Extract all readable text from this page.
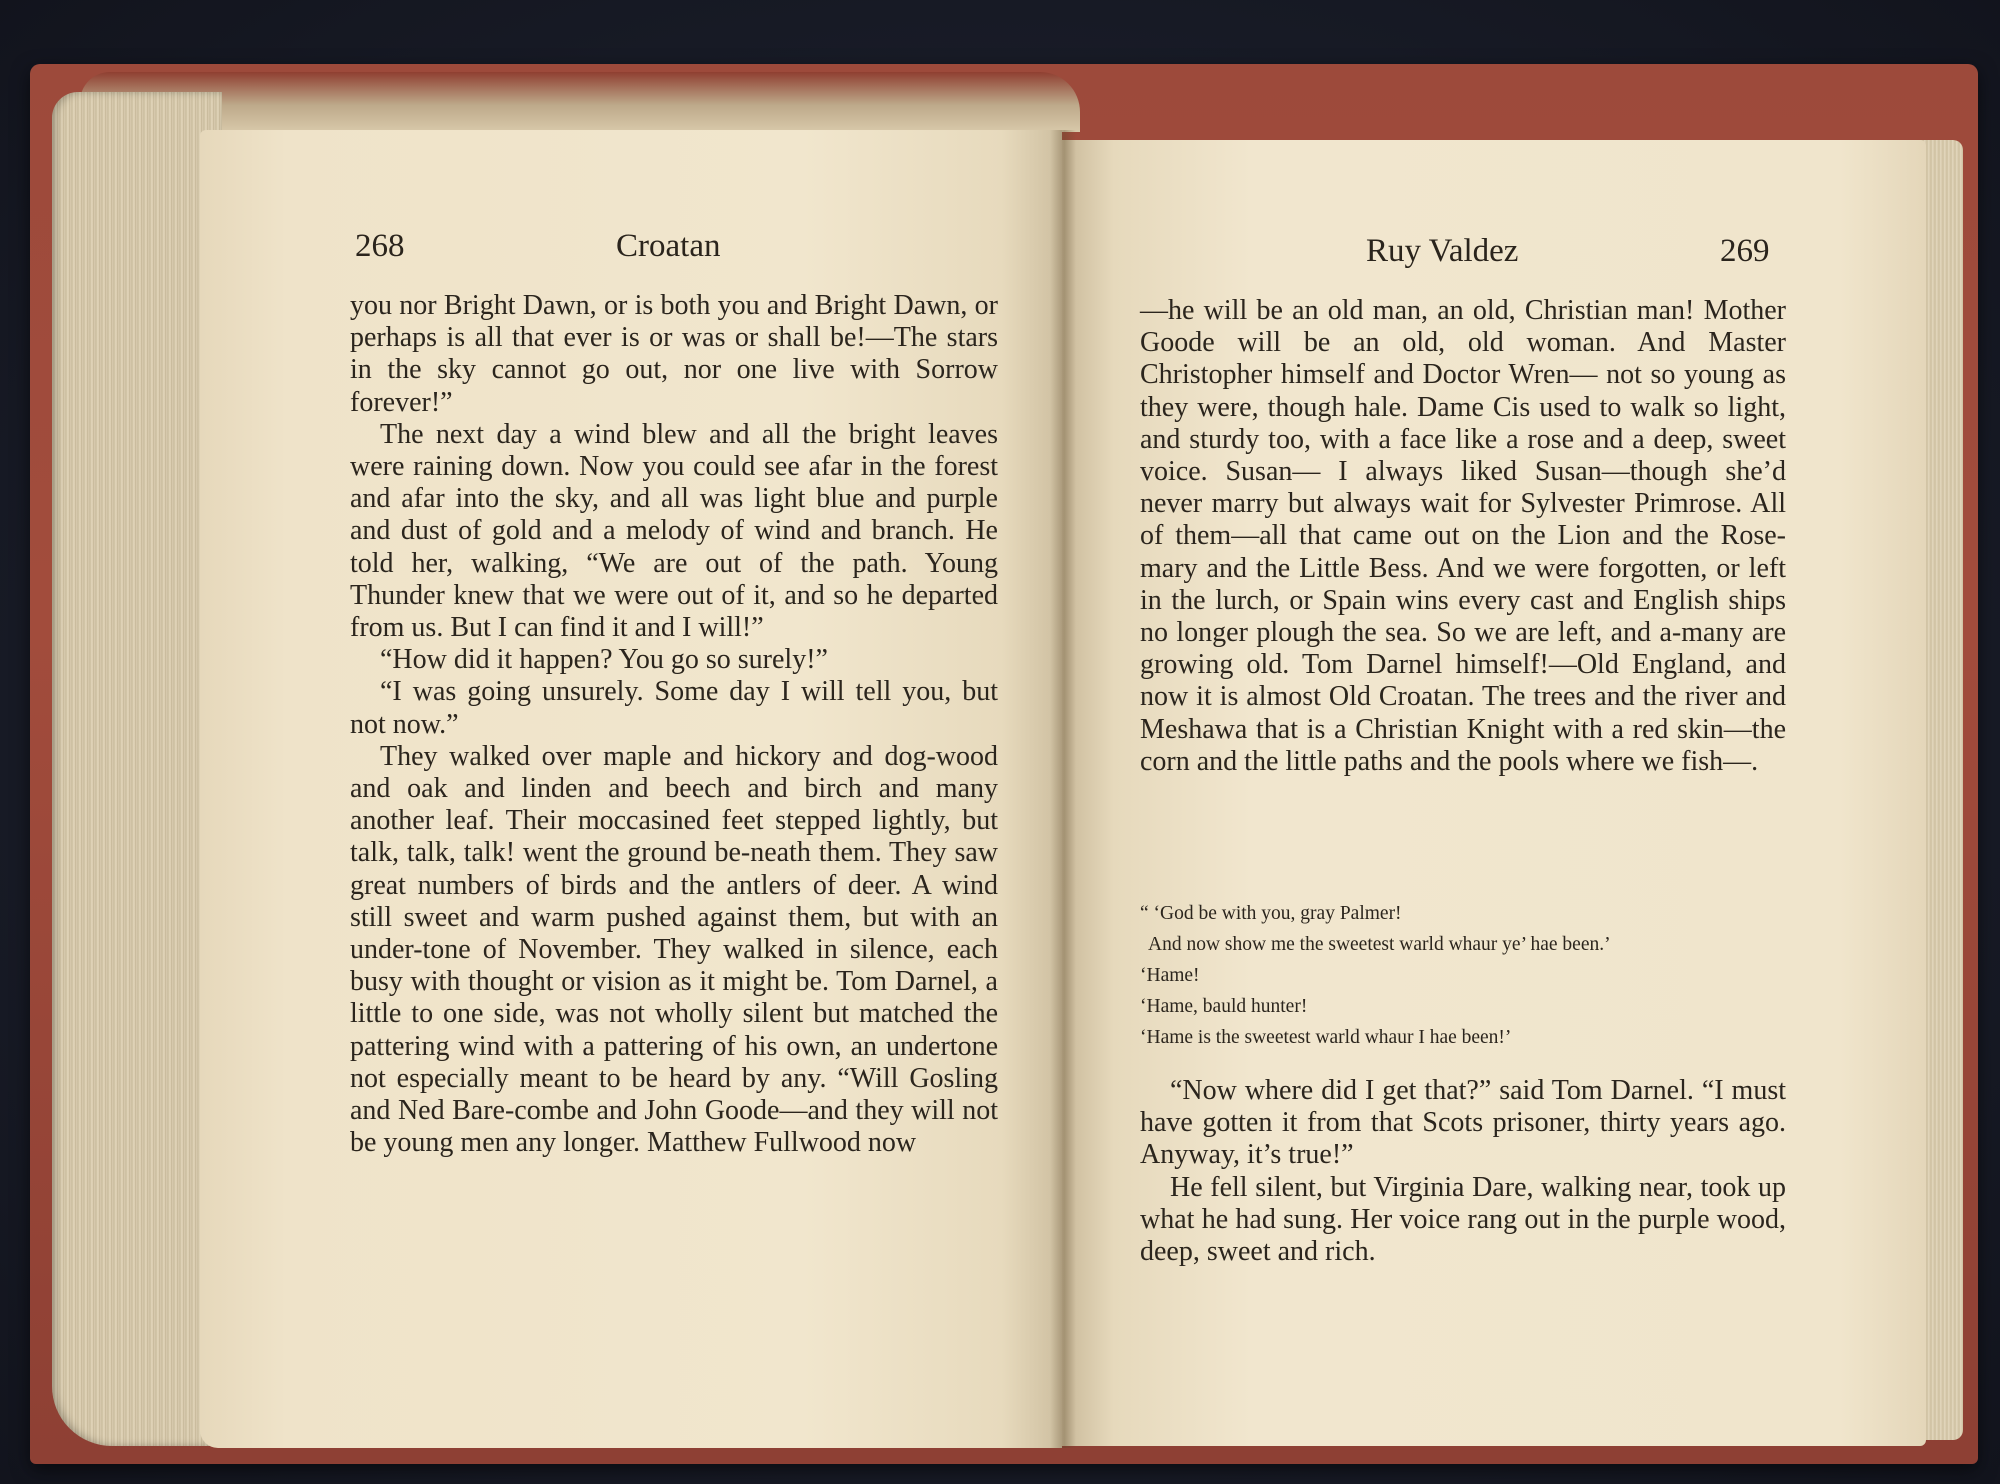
268	Croatan

you nor Bright Dawn, or is both you and Bright Dawn, or perhaps is all that ever is or was or shall be!—The stars in the sky cannot go out, nor one live with Sorrow forever!”

The next day a wind blew and all the bright leaves were raining down. Now you could see afar in the forest and afar into the sky, and all was light blue and purple and dust of gold and a melody of wind and branch. He told her, walking, “We are out of the path. Young Thunder knew that we were out of it, and so he departed from us. But I can find it and I will!”

“How did it happen? You go so surely!”

“I was going unsurely. Some day I will tell you, but not now.”

They walked over maple and hickory and dog-wood and oak and linden and beech and birch and many another leaf. Their moccasined feet stepped lightly, but talk, talk, talk! went the ground be-neath them. They saw great numbers of birds and the antlers of deer. A wind still sweet and warm pushed against them, but with an under-tone of November. They walked in silence, each busy with thought or vision as it might be. Tom Darnel, a little to one side, was not wholly silent but matched the pattering wind with a pattering of his own, an undertone not especially meant to be heard by any. “Will Gosling and Ned Bare-combe and John Goode—and they will not be young men any longer. Matthew Fullwood now

Ruy Valdez	269

—he will be an old man, an old, Christian man! Mother Goode will be an old, old woman. And Master Christopher himself and Doctor Wren— not so young as they were, though hale. Dame Cis used to walk so light, and sturdy too, with a face like a rose and a deep, sweet voice. Susan— I always liked Susan—though she’d never marry but always wait for Sylvester Primrose. All of them—all that came out on the Lion and the Rose-mary and the Little Bess. And we were forgotten, or left in the lurch, or Spain wins every cast and English ships no longer plough the sea. So we are left, and a-many are growing old. Tom Darnel himself!—Old England, and now it is almost Old Croatan. The trees and the river and Meshawa that is a Christian Knight with a red skin—the corn and the little paths and the pools where we fish—.

“ ‘God be with you, gray Palmer!
And now show me the sweetest warld whaur ye’ hae been.’
‘Hame!
‘Hame, bauld hunter!
‘Hame is the sweetest warld whaur I hae been!’

“Now where did I get that?” said Tom Darnel. “I must have gotten it from that Scots prisoner, thirty years ago. Anyway, it’s true!”

He fell silent, but Virginia Dare, walking near, took up what he had sung. Her voice rang out in the purple wood, deep, sweet and rich.
